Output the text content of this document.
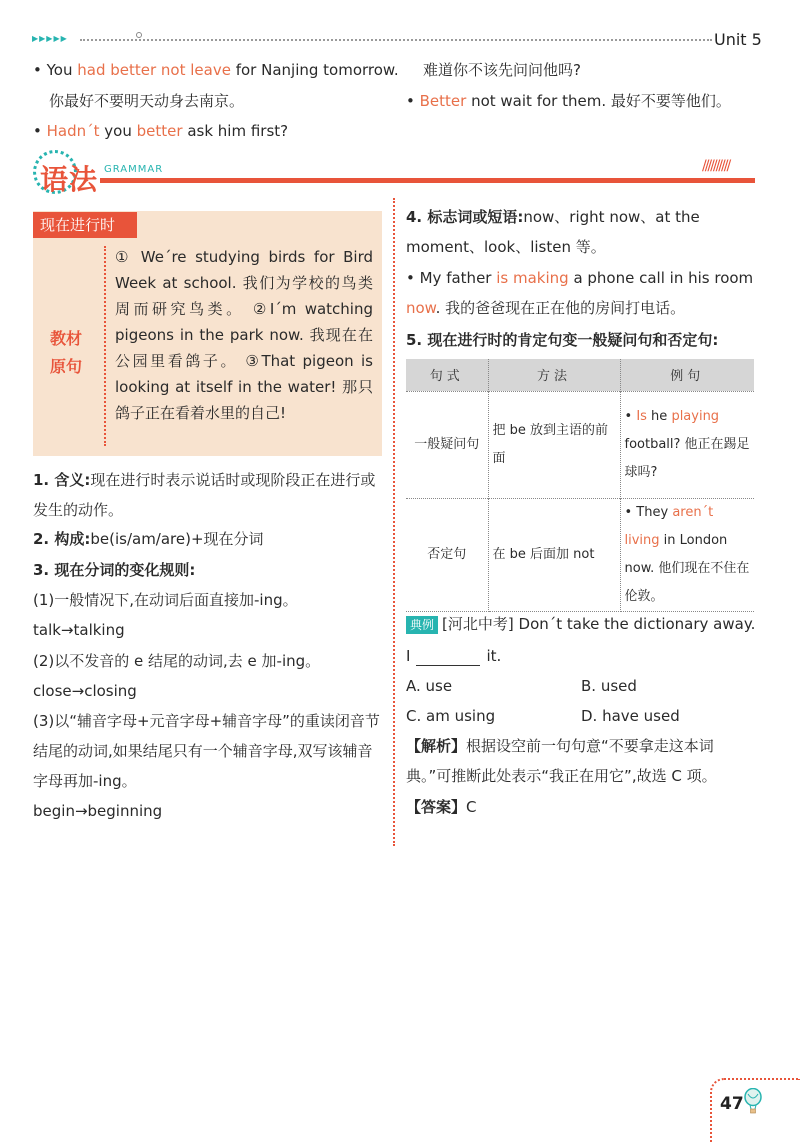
▶▶▶▶▶	Unit 5
• You had better not leave for Nanjing tomorrow.
你最好不要明天动身去南京。
• Hadn´t you better ask him first?
难道你不该先问问他吗?
• Better not wait for them. 最好不要等他们。
语法 GRAMMAR	//////////
现在进行时
教材
原句
① We´re studying birds for Bird Week at school. 我们为学校的鸟类周而研究鸟类。 ②I´m watching pigeons in the park now. 我现在在公园里看鸽子。 ③That pigeon is looking at itself in the water! 那只鸽子正在看着水里的自己!
1. 含义:现在进行时表示说话时或现阶段正在进行或发生的动作。
2. 构成:be(is/am/are)+现在分词
3. 现在分词的变化规则:
(1)一般情况下,在动词后面直接加-ing。
talk→talking
(2)以不发音的 e 结尾的动词,去 e 加-ing。
close→closing
(3)以“辅音字母+元音字母+辅音字母”的重读闭音节结尾的动词,如果结尾只有一个辅音字母,双写该辅音字母再加-ing。
begin→beginning
4. 标志词或短语:now、right now、at the moment、look、listen 等。
• My father is making a phone call in his room now. 我的爸爸现在正在他的房间打电话。
5. 现在进行时的肯定句变一般疑问句和否定句:
句式	方法	例句
一般疑问句	把 be 放到主语的前面	• Is he playing football? 他正在踢足球吗?
否定句	在 be 后面加 not	• They aren´t living in London now. 他们现在不住在伦敦。
典例 [河北中考] Don´t take the dictionary away.
I	it.
A. use	B. used
C. am using	D. have used
【解析】根据设空前一句句意“不要拿走这本词典。”可推断此处表示“我正在用它”,故选 C 项。
【答案】C
47
